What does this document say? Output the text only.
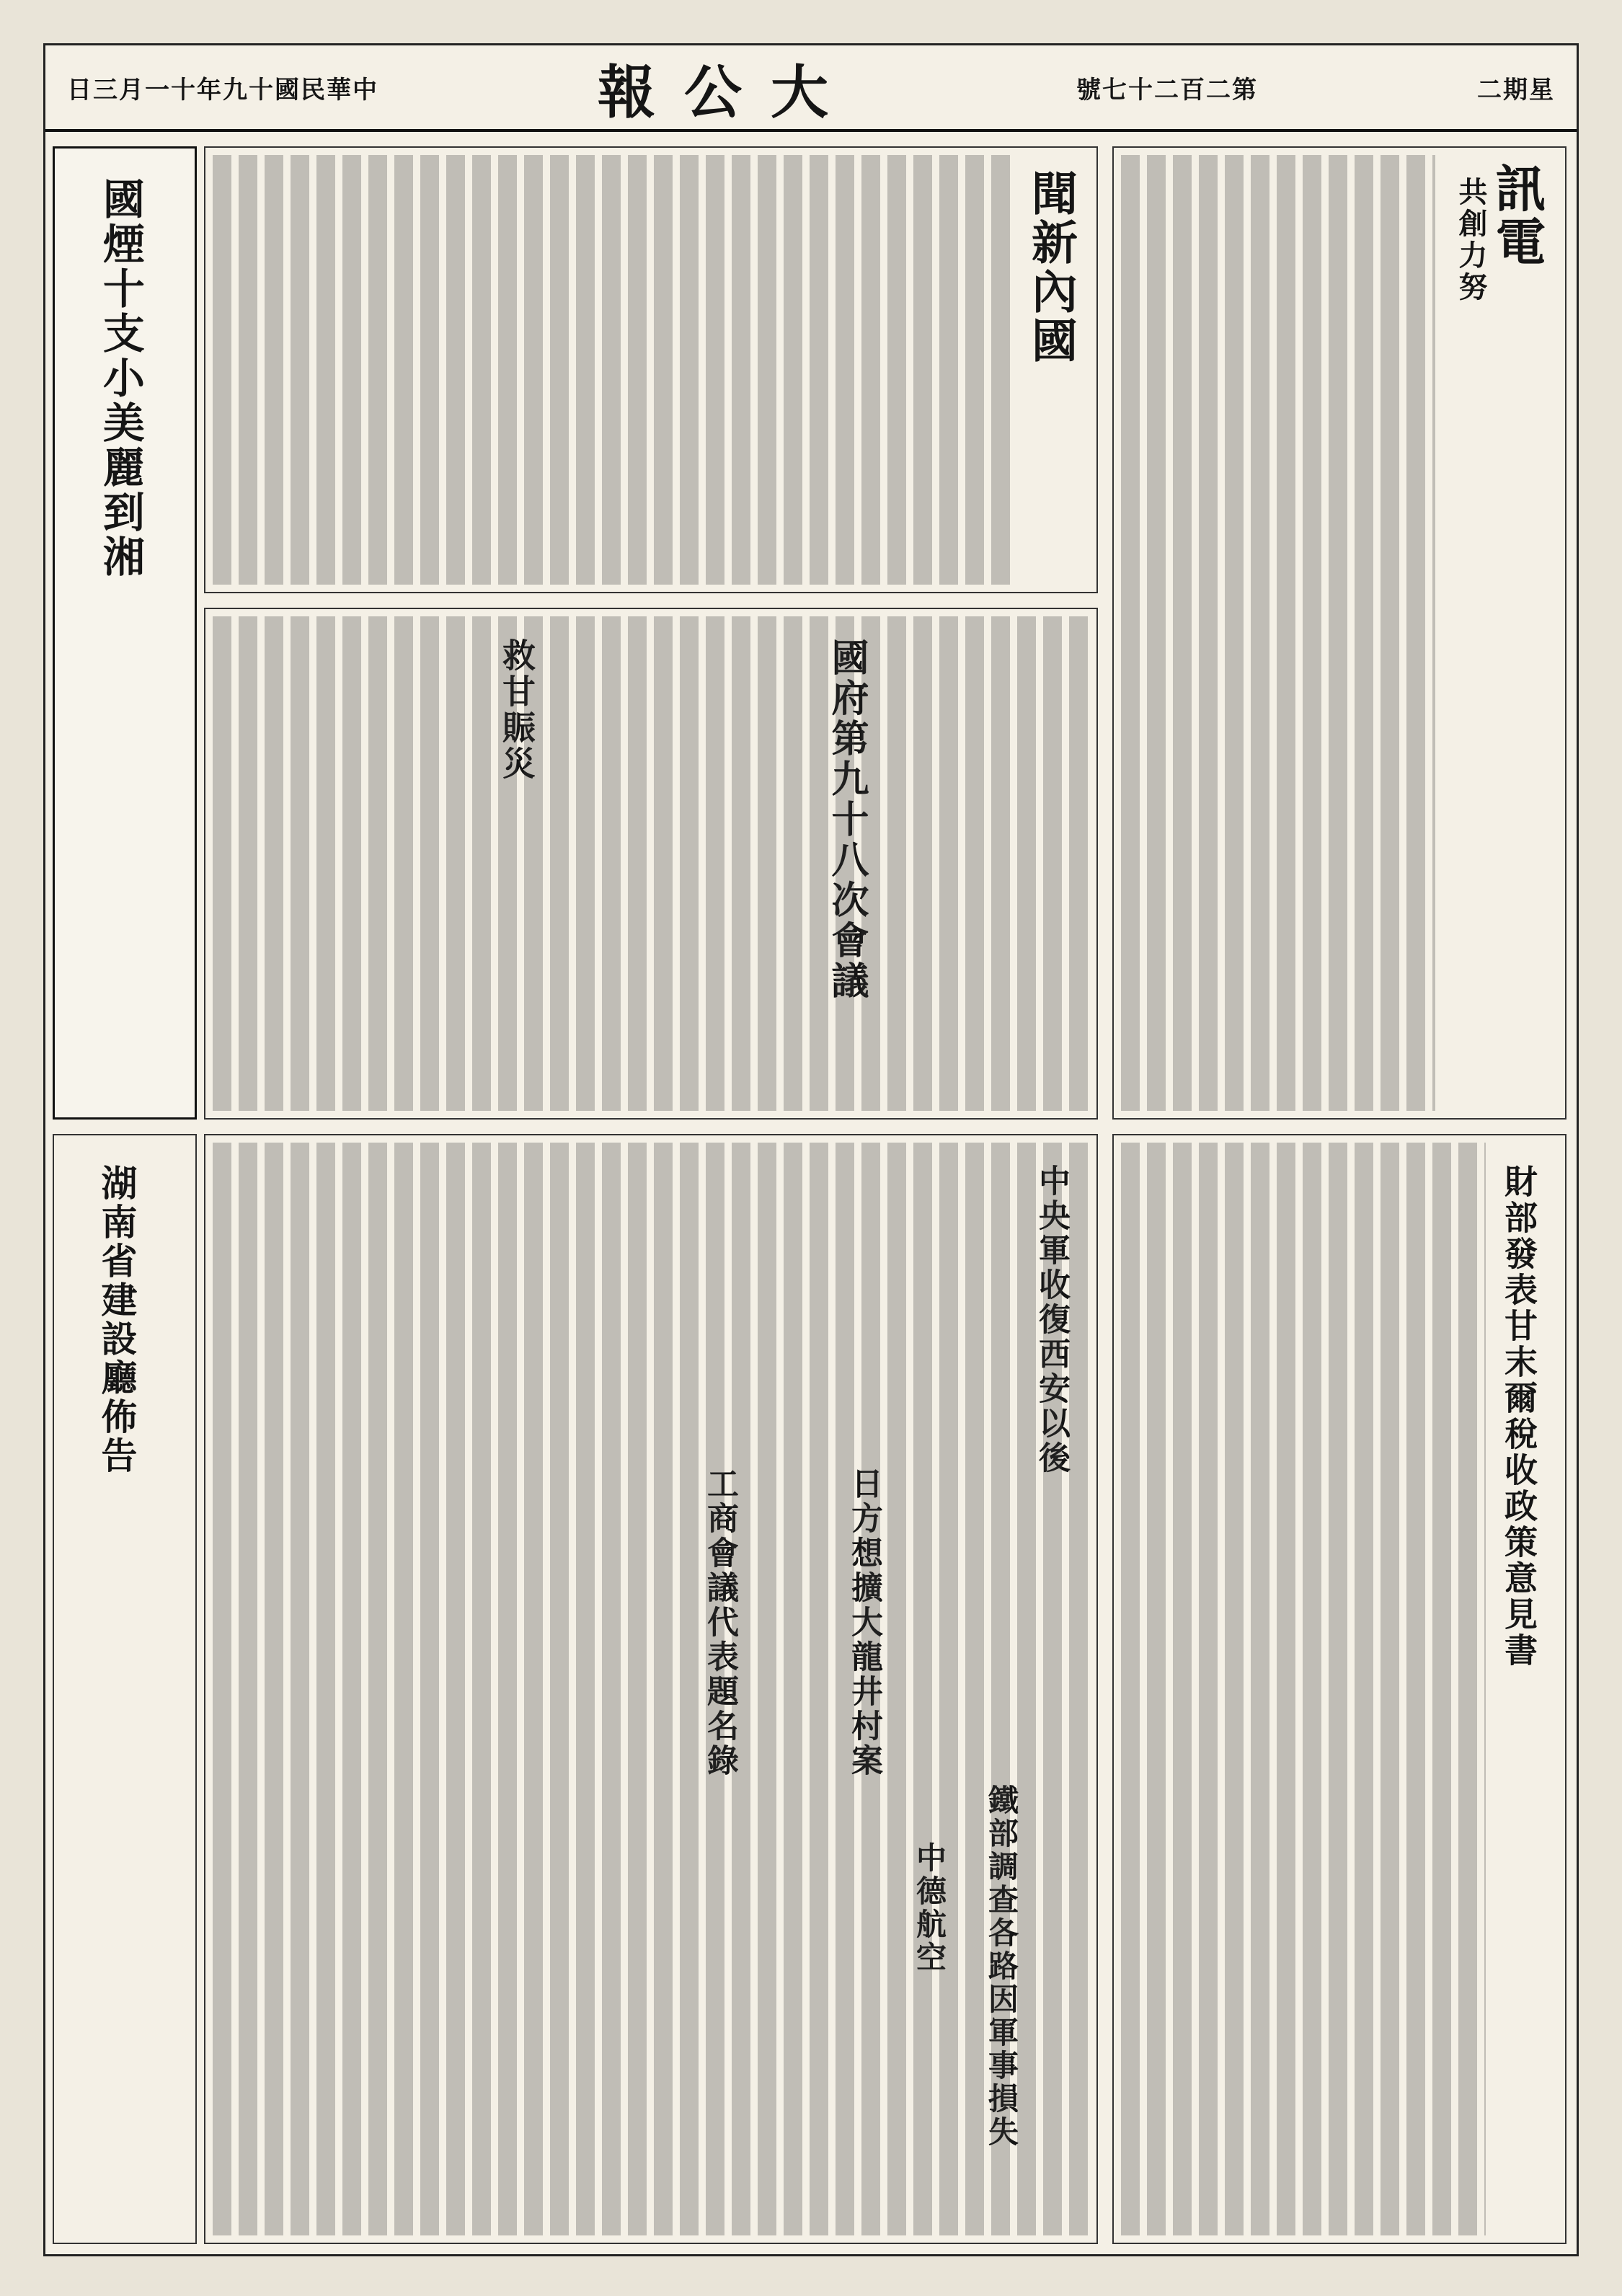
日三月一十年九十國民華中	報公大	號七十二百二第	二期星
訊電
共創力努
聞新內國
國煙十支小美麗到湘
湖南省建設廳佈告
國府第九十八次會議
救甘賑災
財部發表甘末爾稅收政策意見書
中央軍收復西安以後
日方想擴大龍井村案
工商會議代表題名錄
鐵部調查各路因軍事損失
中德航空
